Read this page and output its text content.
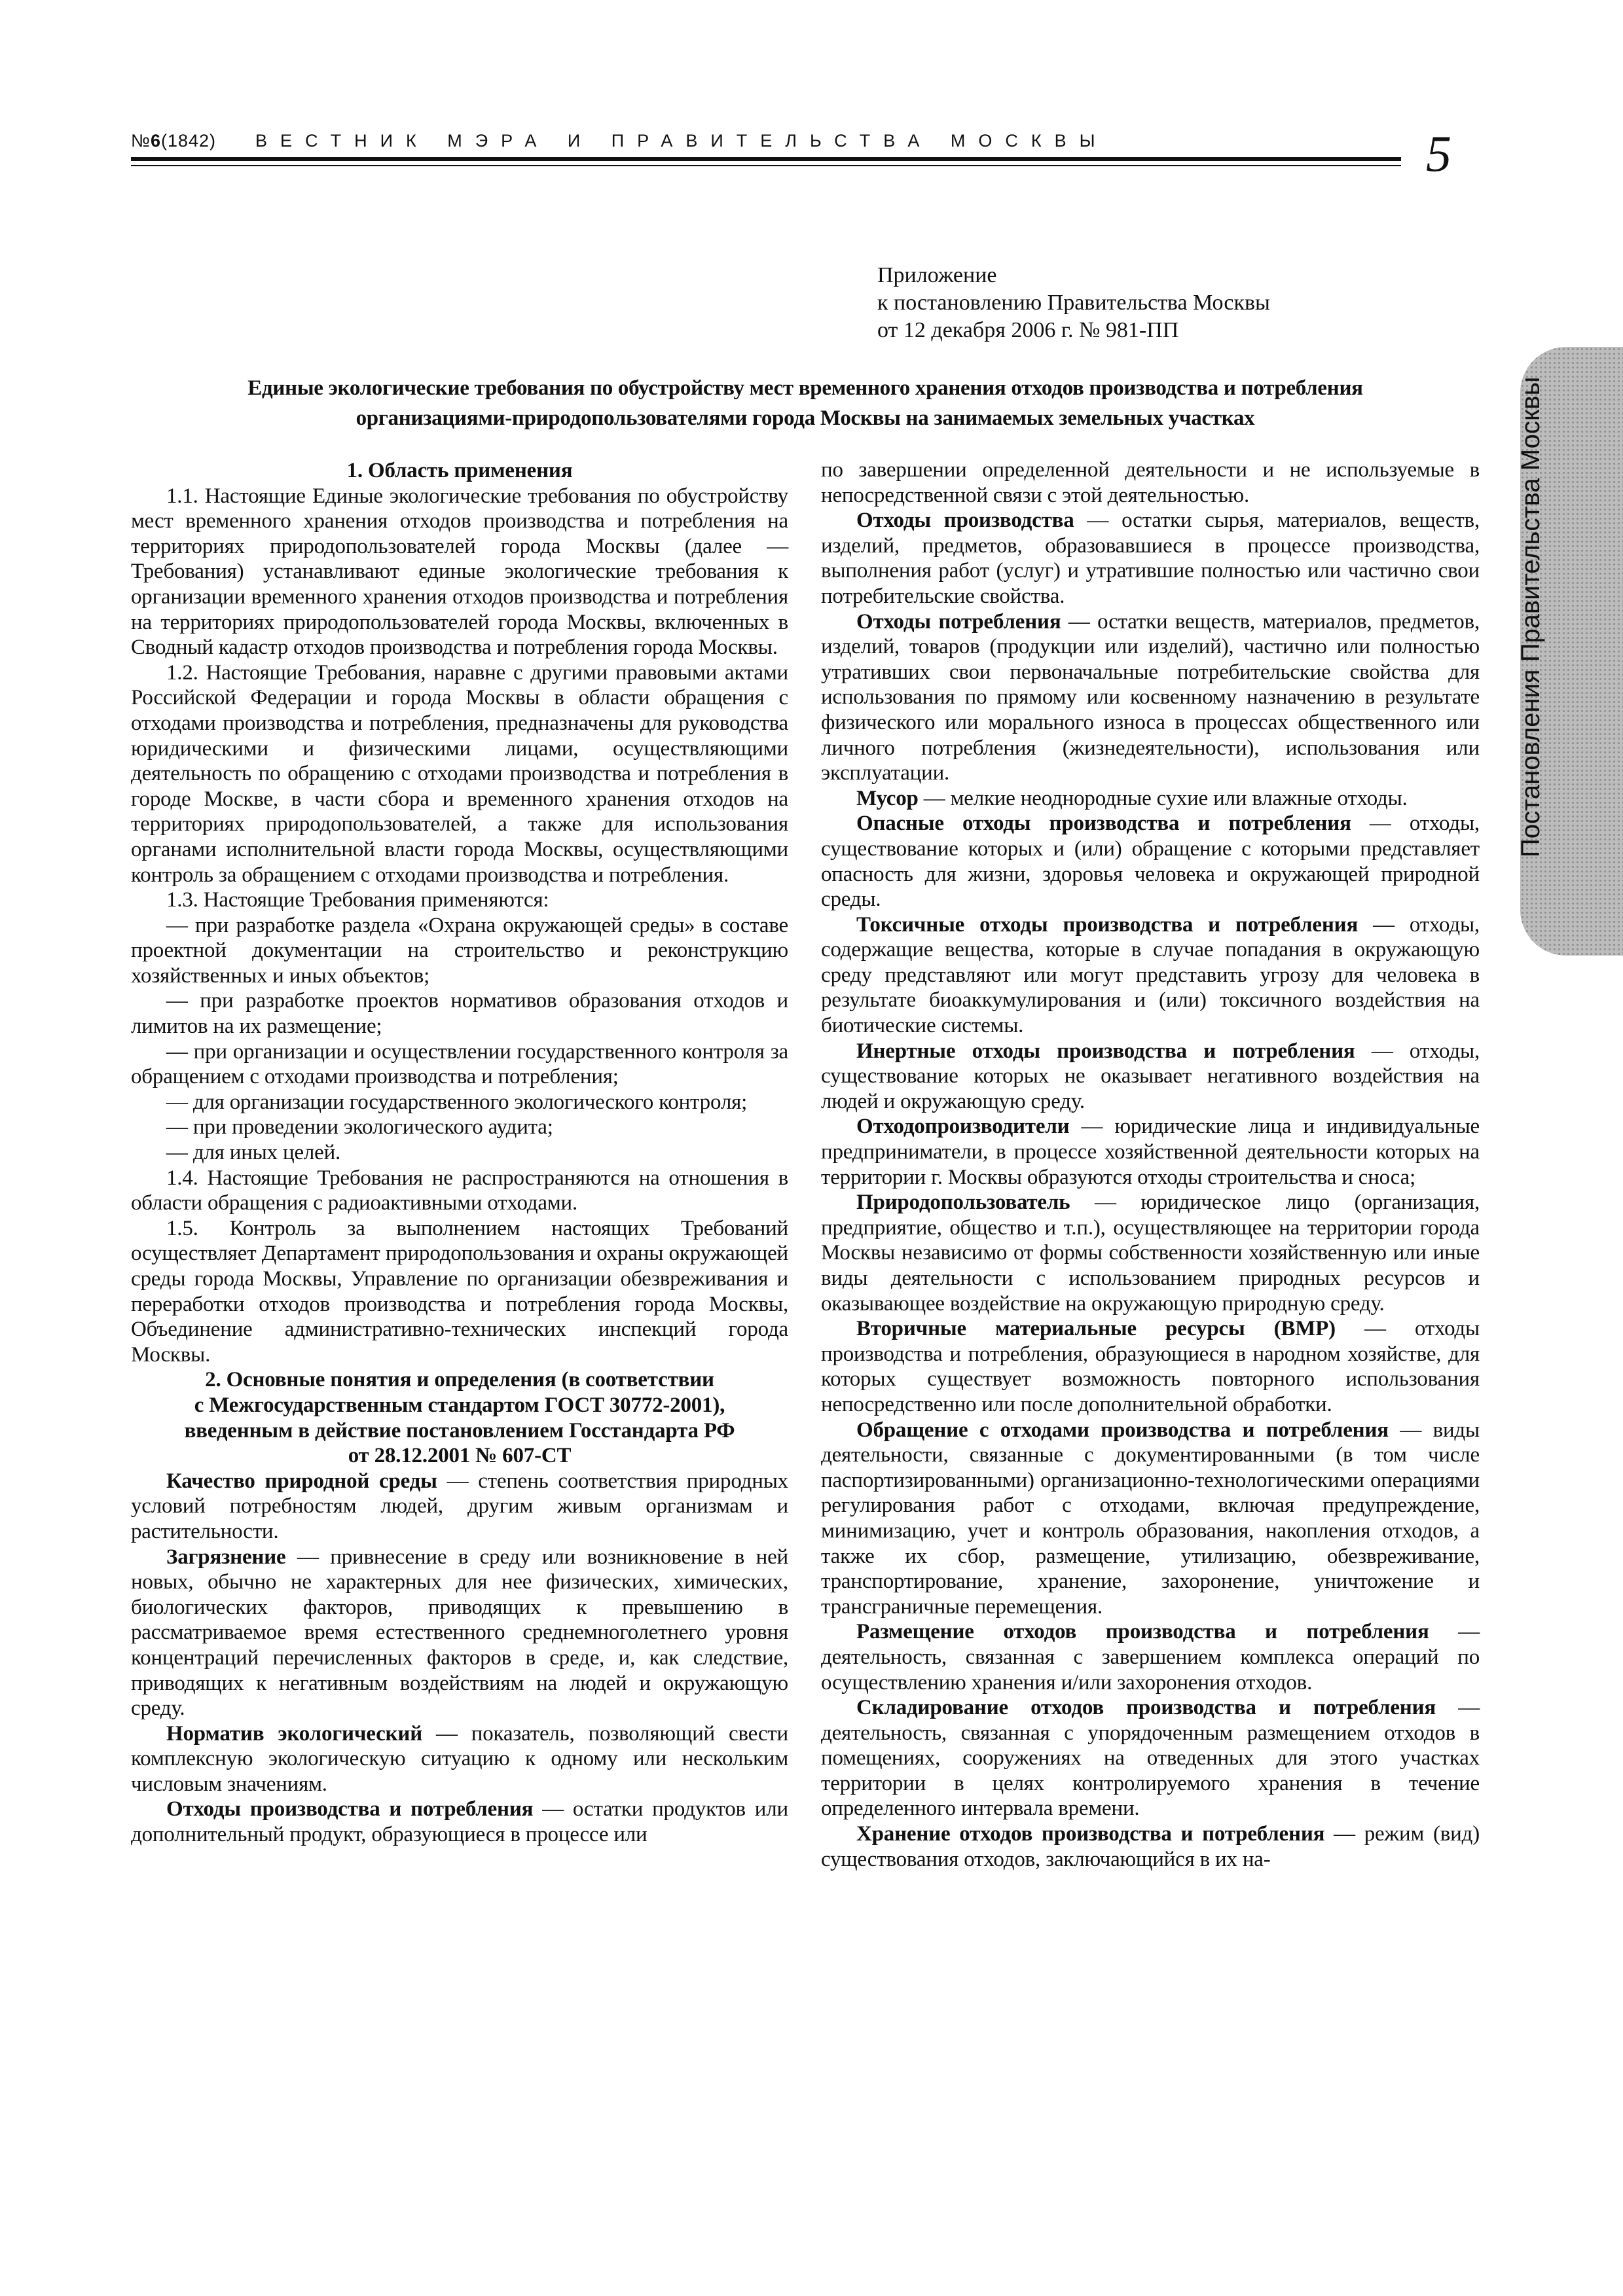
№6(1842) ВЕСТНИК МЭРА И ПРАВИТЕЛЬСТВА МОСКВЫ	5
Постановления Правительства Москвы
Приложение
к постановлению Правительства Москвы
от 12 декабря 2006 г. № 981-ПП
Единые экологические требования по обустройству мест временного хранения отходов производства и потребления
организациями-природопользователями города Москвы на занимаемых земельных участках
1. Область применения

1.1. Настоящие Единые экологические требования по обустройству мест временного хранения отходов производства и потребления на территориях природопользователей города Москвы (далее — Требования) устанавливают единые экологические требования к организации временного хранения отходов производства и потребления на территориях природопользователей города Москвы, включенных в Сводный кадастр отходов производства и потребления города Москвы.

1.2. Настоящие Требования, наравне с другими правовыми актами Российской Федерации и города Москвы в области обращения с отходами производства и потребления, предназначены для руководства юридическими и физическими лицами, осуществляющими деятельность по обращению с отходами производства и потребления в городе Москве, в части сбора и временного хранения отходов на территориях природопользователей, а также для использования органами исполнительной власти города Москвы, осуществляющими контроль за обращением с отходами производства и потребления.

1.3. Настоящие Требования применяются:

— при разработке раздела «Охрана окружающей среды» в составе проектной документации на строительство и реконструкцию хозяйственных и иных объектов;

— при разработке проектов нормативов образования отходов и лимитов на их размещение;

— при организации и осуществлении государственного контроля за обращением с отходами производства и потребления;

— для организации государственного экологического контроля;

— при проведении экологического аудита;

— для иных целей.

1.4. Настоящие Требования не распространяются на отношения в области обращения с радиоактивными отходами.

1.5. Контроль за выполнением настоящих Требований осуществляет Департамент природопользования и охраны окружающей среды города Москвы, Управление по организации обезвреживания и переработки отходов производства и потребления города Москвы, Объединение административно-технических инспекций города Москвы.

2. Основные понятия и определения (в соответствии
с Межгосударственным стандартом ГОСТ 30772-2001),
введенным в действие постановлением Госстандарта РФ
от 28.12.2001 № 607-СТ

Качество природной среды — степень соответствия природных условий потребностям людей, другим живым организмам и растительности.

Загрязнение — привнесение в среду или возникновение в ней новых, обычно не характерных для нее физических, химических, биологических факторов, приводящих к превышению в рассматриваемое время естественного среднемноголетнего уровня концентраций перечисленных факторов в среде, и, как следствие, приводящих к негативным воздействиям на людей и окружающую среду.

Норматив экологический — показатель, позволяющий свести комплексную экологическую ситуацию к одному или нескольким числовым значениям.

Отходы производства и потребления — остатки продуктов или дополнительный продукт, образующиеся в процессе или

по завершении определенной деятельности и не используемые в непосредственной связи с этой деятельностью.

Отходы производства — остатки сырья, материалов, веществ, изделий, предметов, образовавшиеся в процессе производства, выполнения работ (услуг) и утратившие полностью или частично свои потребительские свойства.

Отходы потребления — остатки веществ, материалов, предметов, изделий, товаров (продукции или изделий), частично или полностью утративших свои первоначальные потребительские свойства для использования по прямому или косвенному назначению в результате физического или морального износа в процессах общественного или личного потребления (жизнедеятельности), использования или эксплуатации.

Мусор — мелкие неоднородные сухие или влажные отходы.

Опасные отходы производства и потребления — отходы, существование которых и (или) обращение с которыми представляет опасность для жизни, здоровья человека и окружающей природной среды.

Токсичные отходы производства и потребления — отходы, содержащие вещества, которые в случае попадания в окружающую среду представляют или могут представить угрозу для человека в результате биоаккумулирования и (или) токсичного воздействия на биотические системы.

Инертные отходы производства и потребления — отходы, существование которых не оказывает негативного воздействия на людей и окружающую среду.

Отходопроизводители — юридические лица и индивидуальные предприниматели, в процессе хозяйственной деятельности которых на территории г. Москвы образуются отходы строительства и сноса;

Природопользователь — юридическое лицо (организация, предприятие, общество и т.п.), осуществляющее на территории города Москвы независимо от формы собственности хозяйственную или иные виды деятельности с использованием природных ресурсов и оказывающее воздействие на окружающую природную среду.

Вторичные материальные ресурсы (ВМР) — отходы производства и потребления, образующиеся в народном хозяйстве, для которых существует возможность повторного использования непосредственно или после дополнительной обработки.

Обращение с отходами производства и потребления — виды деятельности, связанные с документированными (в том числе паспортизированными) организационно-технологическими операциями регулирования работ с отходами, включая предупреждение, минимизацию, учет и контроль образования, накопления отходов, а также их сбор, размещение, утилизацию, обезвреживание, транспортирование, хранение, захоронение, уничтожение и трансграничные перемещения.

Размещение отходов производства и потребления — деятельность, связанная с завершением комплекса операций по осуществлению хранения и/или захоронения отходов.

Складирование отходов производства и потребления — деятельность, связанная с упорядоченным размещением отходов в помещениях, сооружениях на отведенных для этого участках территории в целях контролируемого хранения в течение определенного интервала времени.

Хранение отходов производства и потребления — режим (вид) существования отходов, заключающийся в их на-
